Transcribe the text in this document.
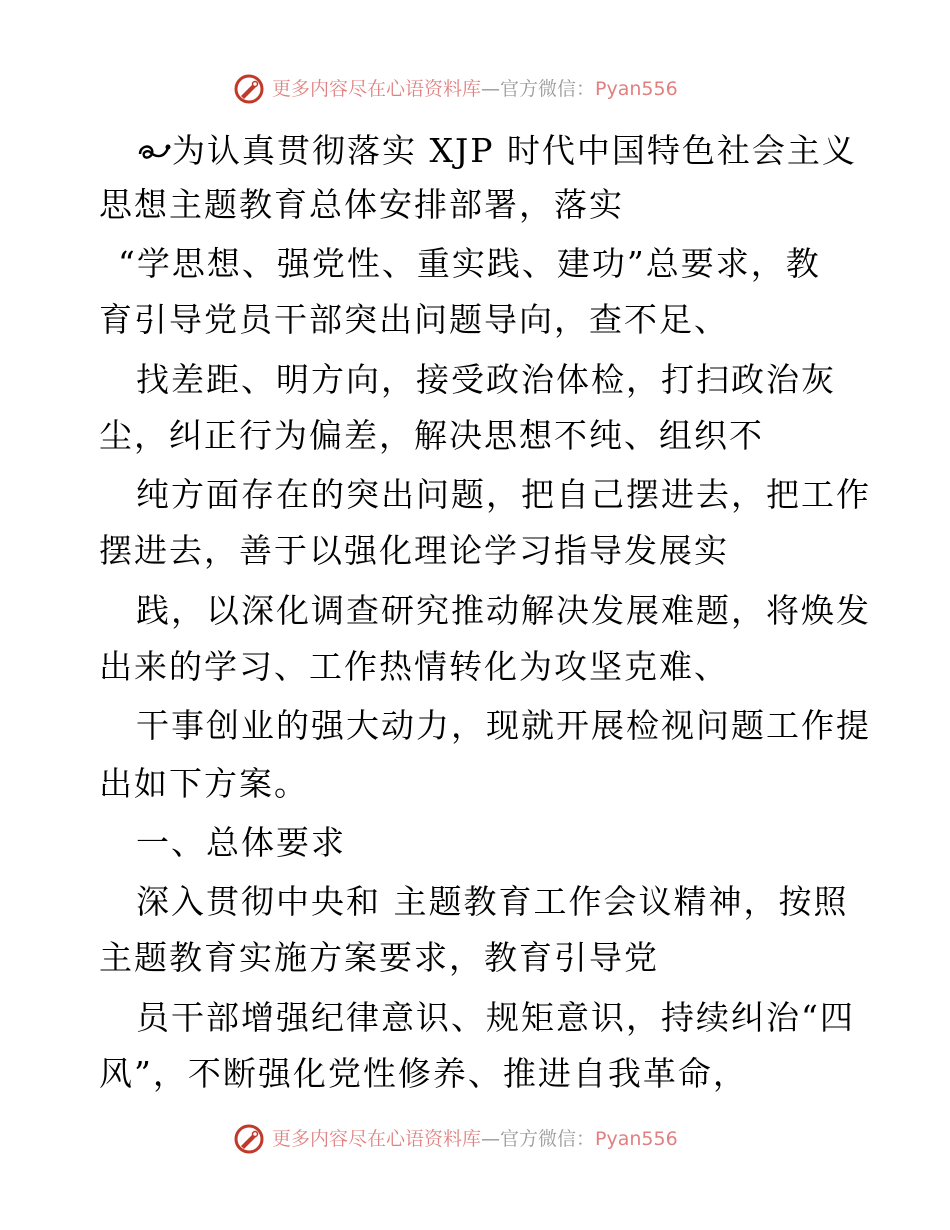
更多内容尽在心语资料库—官方微信：Pyan556
为认真贯彻落实 XJP 时代中国特色社会主义
思想主题教育总体安排部署，落实
“学思想、强党性、重实践、建功”总要求，教
育引导党员干部突出问题导向，查不足、
找差距、明方向，接受政治体检，打扫政治灰
尘，纠正行为偏差，解决思想不纯、组织不
纯方面存在的突出问题，把自己摆进去，把工作
摆进去，善于以强化理论学习指导发展实
践，以深化调查研究推动解决发展难题，将焕发
出来的学习、工作热情转化为攻坚克难、
干事创业的强大动力，现就开展检视问题工作提
出如下方案。
一、总体要求
深入贯彻中央和 主题教育工作会议精神，按照
主题教育实施方案要求，教育引导党
员干部增强纪律意识、规矩意识，持续纠治“四
风”，不断强化党性修养、推进自我革命，
更多内容尽在心语资料库—官方微信：Pyan556
